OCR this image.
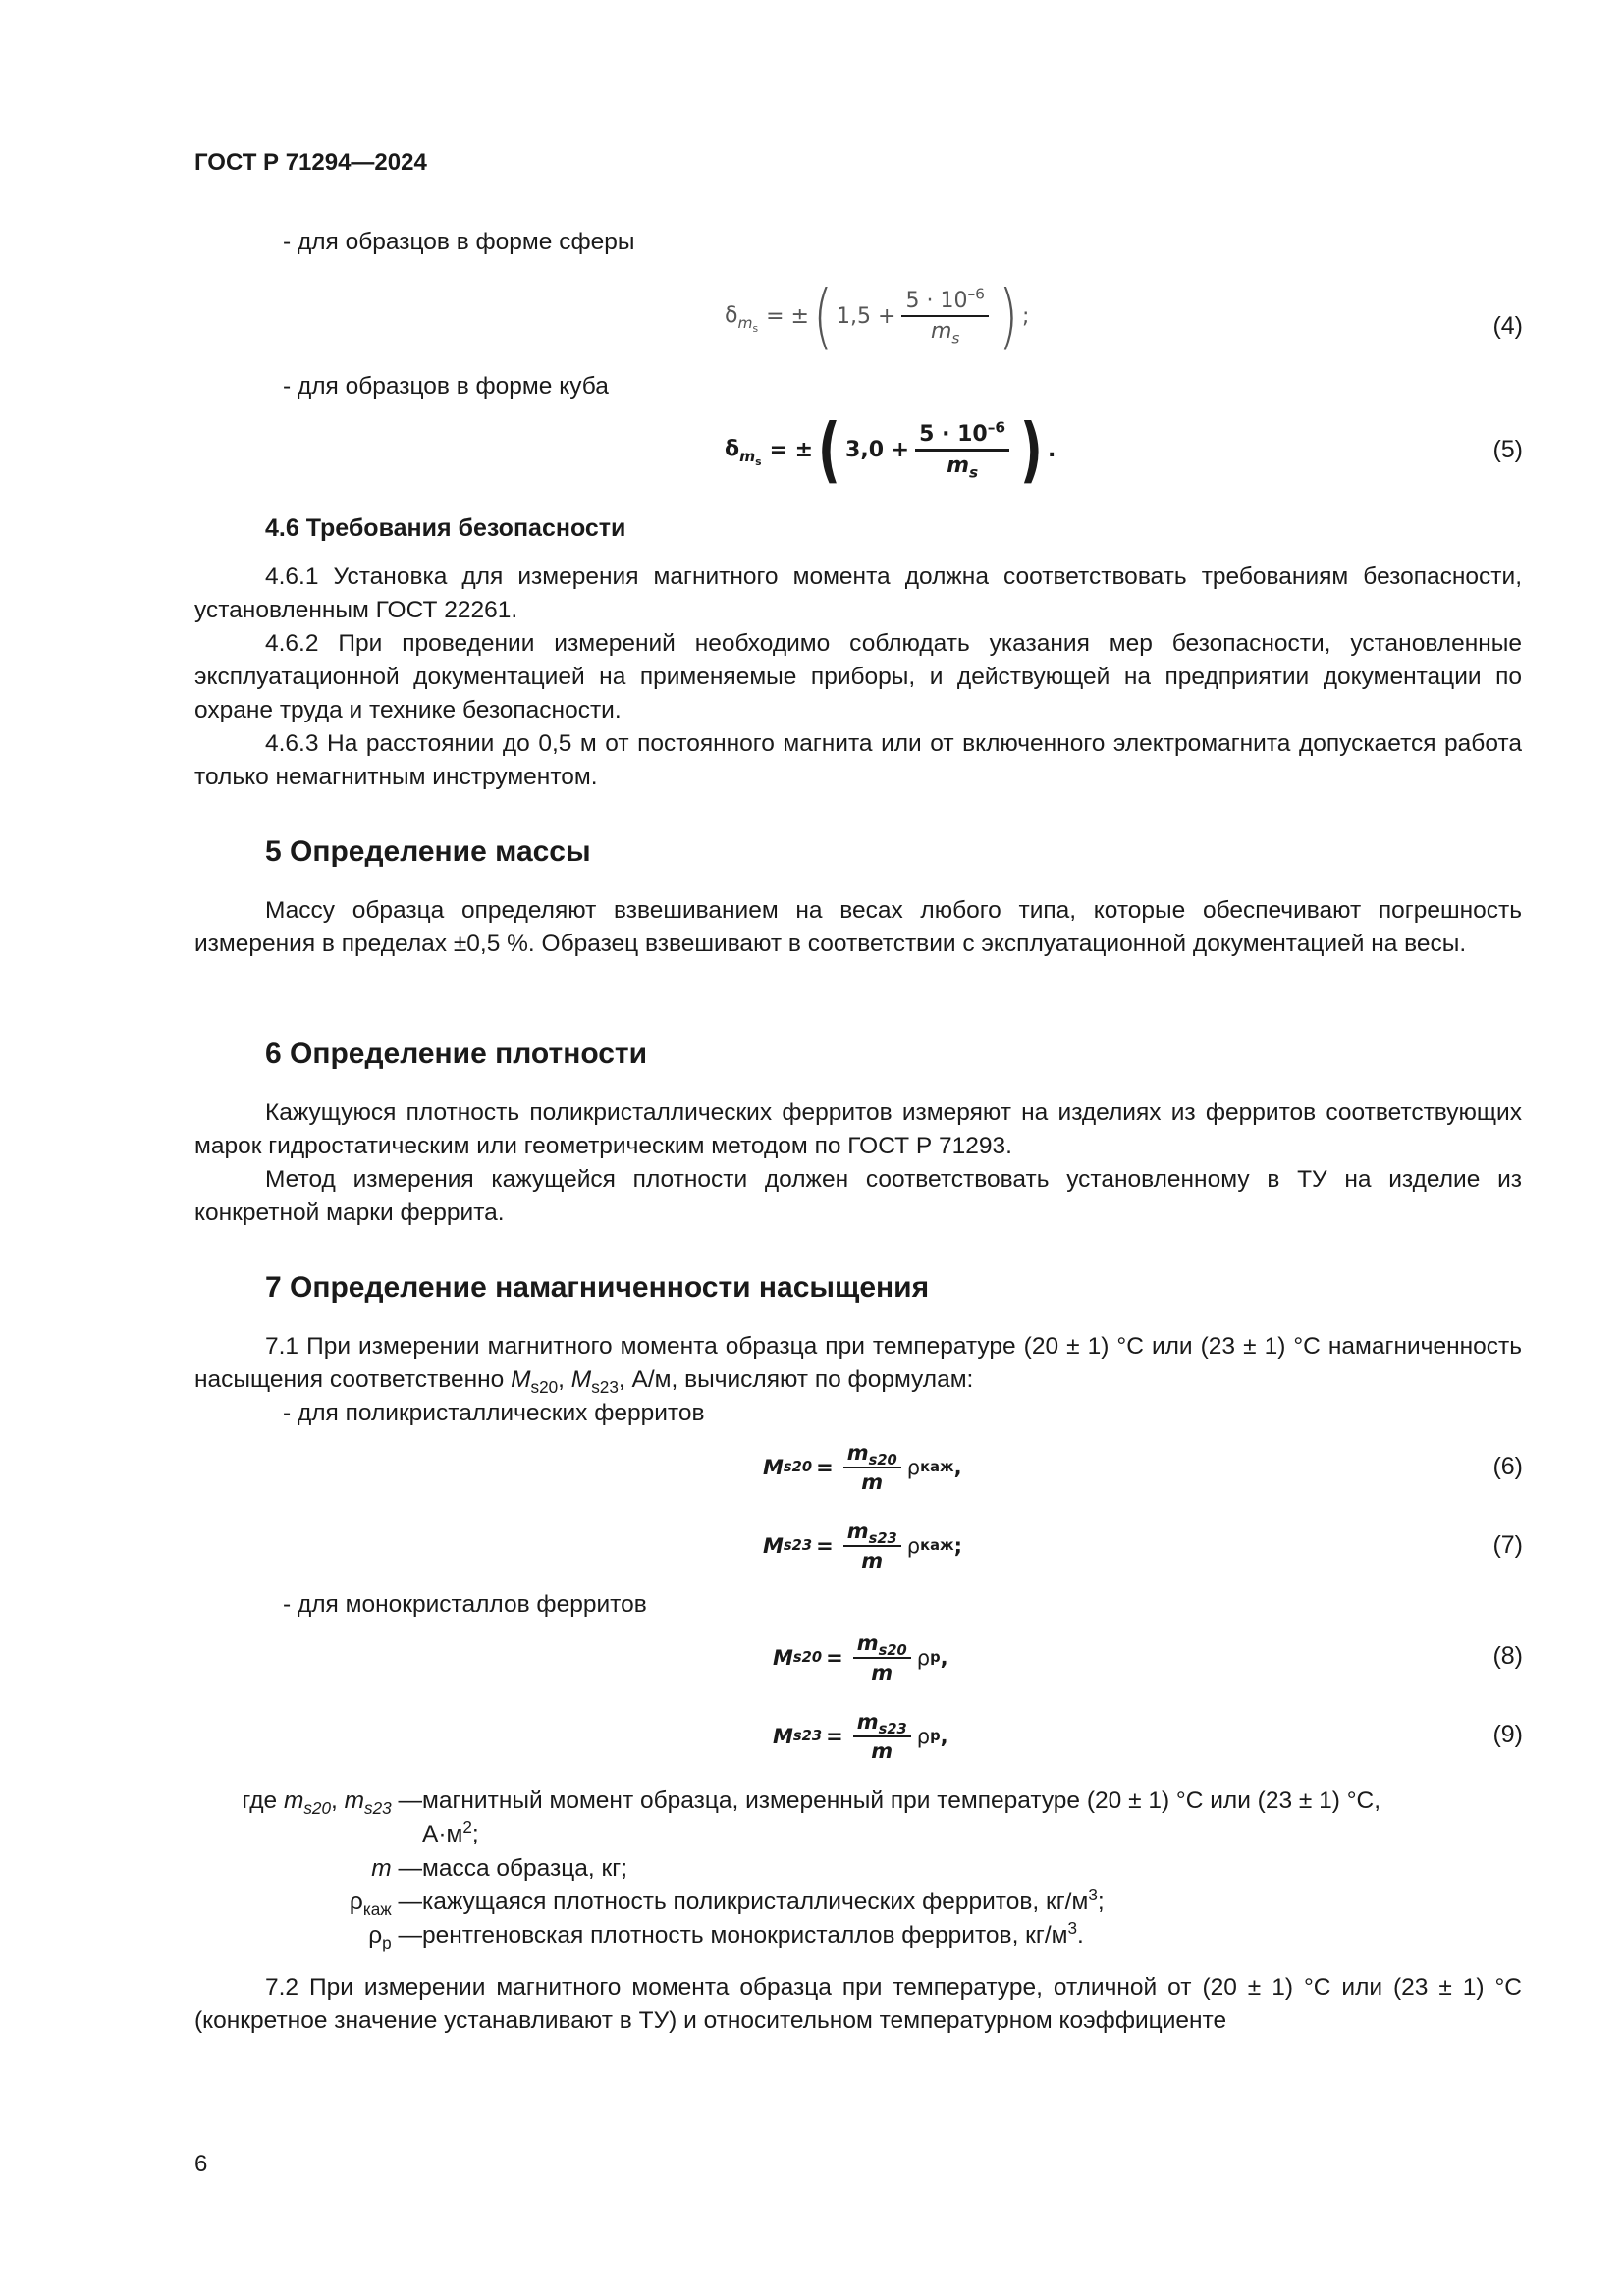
ГОСТ Р 71294—2024
- для образцов в форме сферы
$\delta_{m_s}$ = ± ( $1,5 + \frac{5 \cdot 10^{-6}}{m_s}$ ) ;	(4)
- для образцов в форме куба
$\delta_{m_s}$ = ± ( $3,0 + \frac{5 \cdot 10^{-6}}{m_s}$ ) .	(5)
4.6 Требования безопасности
4.6.1 Установка для измерения магнитного момента должна соответствовать требованиям безопасности, установленным ГОСТ 22261.
4.6.2 При проведении измерений необходимо соблюдать указания мер безопасности, установленные эксплуатационной документацией на применяемые приборы, и действующей на предприятии документации по охране труда и технике безопасности.
4.6.3 На расстоянии до 0,5 м от постоянного магнита или от включенного электромагнита допускается работа только немагнитным инструментом.
5 Определение массы
Массу образца определяют взвешиванием на весах любого типа, которые обеспечивают погрешность измерения в пределах ±0,5 %. Образец взвешивают в соответствии с эксплуатационной документацией на весы.
6 Определение плотности
Кажущуюся плотность поликристаллических ферритов измеряют на изделиях из ферритов соответствующих марок гидростатическим или геометрическим методом по ГОСТ Р 71293.
Метод измерения кажущейся плотности должен соответствовать установленному в ТУ на изделие из конкретной марки феррита.
7 Определение намагниченности насыщения
7.1 При измерении магнитного момента образца при температуре (20 ± 1) °C или (23 ± 1) °C намагниченность насыщения соответственно $M_{s20}$, $M_{s23}$, А/м, вычисляют по формулам:
- для поликристаллических ферритов
M $s20 = \frac{m_{s20}}{m}$ ρ каж ,	(6)
M $s23 = \frac{m_{s23}}{m}$ ρ каж ;	(7)
- для монокристаллов ферритов
M $s20 = \frac{m_{s20}}{m}$ ρ р ,	(8)
M $s23 = \frac{m_{s23}}{m}$ ρ р ,	(9)
где $m_{s20}$, $m_{s23}$ — магнитный момент образца, измеренный при температуре (20 ± 1) °C или (23 ± 1) °C,
$А\cdot м^2$;
m — масса образца, кг;
$\rho_{каж}$ — кажущаяся плотность поликристаллических ферритов, $кг/м^3$;
$\rho_р$ — рентгеновская плотность монокристаллов ферритов, $кг/м^3$.
7.2 При измерении магнитного момента образца при температуре, отличной от (20 ± 1) °C или (23 ± 1) °C (конкретное значение устанавливают в ТУ) и относительном температурном коэффициенте
6
